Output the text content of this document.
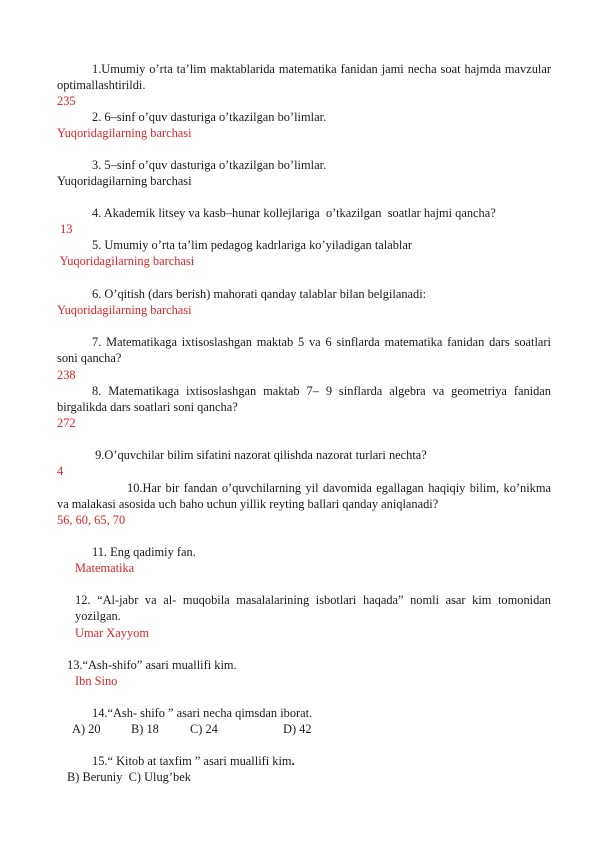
1.Umumiy o’rta ta’lim maktablarida matematika fanidan jami necha soat hajmda mavzular optimallashtirildi.
235
2. 6–sinf o’quv dasturiga o’tkazilgan bo’limlar.
Yuqoridagilarning barchasi
3. 5–sinf o’quv dasturiga o’tkazilgan bo’limlar.
Yuqoridagilarning barchasi
4. Akademik litsey va kasb–hunar kollejlariga  o’tkazilgan  soatlar hajmi qancha?
13
5. Umumiy o’rta ta’lim pedagog kadrlariga ko’yiladigan talablar
Yuqoridagilarning barchasi
6. O’qitish (dars berish) mahorati qanday talablar bilan belgilanadi:
Yuqoridagilarning barchasi
7. Matematikaga ixtisoslashgan maktab 5 va 6 sinflarda matematika fanidan dars soatlari soni qancha?
238
8. Matematikaga ixtisoslashgan maktab 7– 9 sinflarda algebra va geometriya fanidan birgalikda dars soatlari soni qancha?
272
9.O’quvchilar bilim sifatini nazorat qilishda nazorat turlari nechta?
4
10.Har bir fandan o’quvchilarning yil davomida egallagan haqiqiy bilim, ko’nikma va malakasi asosida uch baho uchun yillik reyting ballari qanday aniqlanadi?
56, 60, 65, 70
11. Eng qadimiy fan.
Matematika
12. “Al-jabr va al- muqobila masalalarining isbotlari haqada” nomli asar kim tomonidan yozilgan.
Umar Xayyom
13.“Ash-shifo” asari muallifi kim.
Ibn Sino
14.“Ash- shifo ” asari necha qimsdan iborat.
A) 20 B) 18	C) 24	D) 42
15.“ Kitob at taxfim ” asari muallifi kim.
B) Beruniy  C) Ulug’bek
